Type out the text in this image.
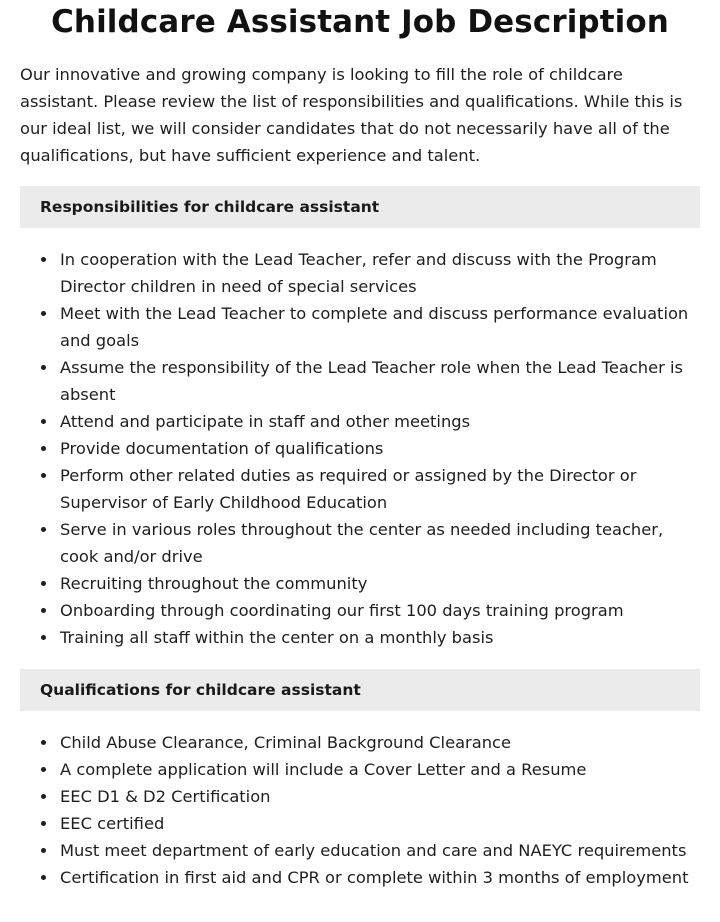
Childcare Assistant Job Description

Our innovative and growing company is looking to fill the role of childcare assistant. Please review the list of responsibilities and qualifications. While this is our ideal list, we will consider candidates that do not necessarily have all of the qualifications, but have sufficient experience and talent.

Responsibilities for childcare assistant
In cooperation with the Lead Teacher, refer and discuss with the Program Director children in need of special services
Meet with the Lead Teacher to complete and discuss performance evaluation and goals
Assume the responsibility of the Lead Teacher role when the Lead Teacher is absent
Attend and participate in staff and other meetings
Provide documentation of qualifications
Perform other related duties as required or assigned by the Director or Supervisor of Early Childhood Education
Serve in various roles throughout the center as needed including teacher, cook and/or drive
Recruiting throughout the community
Onboarding through coordinating our first 100 days training program
Training all staff within the center on a monthly basis
Qualifications for childcare assistant
Child Abuse Clearance, Criminal Background Clearance
A complete application will include a Cover Letter and a Resume
EEC D1 & D2 Certification
EEC certified
Must meet department of early education and care and NAEYC requirements
Certification in first aid and CPR or complete within 3 months of employment
